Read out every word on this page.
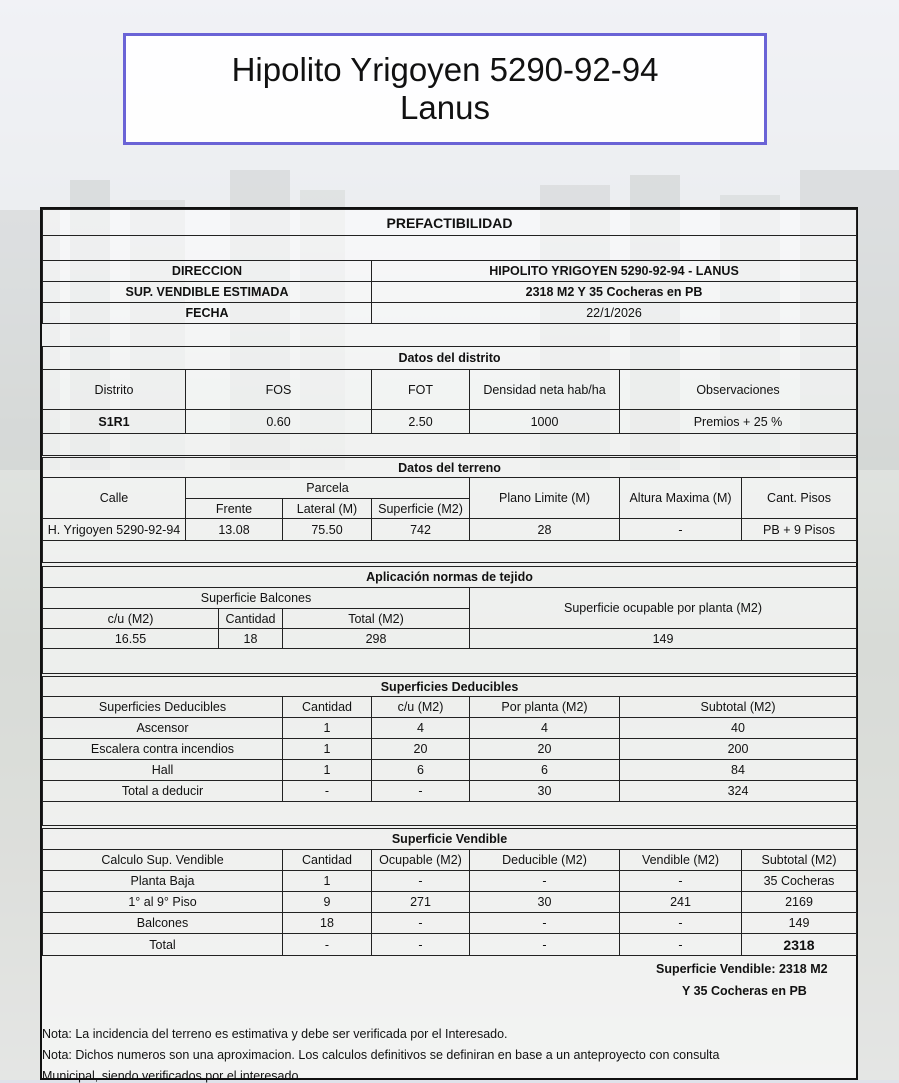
Hipolito Yrigoyen 5290-92-94
Lanus
PREFACTIBILIDAD	

DIRECCION	HIPOLITO YRIGOYEN 5290-92-94 - LANUS
SUP. VENDIBLE ESTIMADA	2318 M2 Y 35 Cocheras en PB
FECHA	22/1/2026
Datos del distrito				
Distrito	FOS	FOT	Densidad neta hab/ha	Observaciones
S1R1	0.60	2.50	1000	Premios + 25 %

Datos del terreno						
Calle	Parcela			Plano Limite (M)	Altura Maxima (M)	Cant. Pisos
	Frente	Lateral (M)	Superficie (M2)			
H. Yrigoyen 5290-92-94	13.08	75.50	742	28	-	PB + 9 Pisos

Aplicación normas de tejido			
Superficie Balcones			Superficie ocupable por planta (M2)
c/u (M2)	Cantidad	Total (M2)	
16.55	18	298	149

Superficies Deducibles				
Superficies Deducibles	Cantidad	c/u (M2)	Por planta (M2)	Subtotal (M2)
Ascensor	1	4	4	40
Escalera contra incendios	1	20	20	200
Hall	1	6	6	84
Total a deducir	-	-	30	324

Superficie Vendible					
Calculo Sup. Vendible	Cantidad	Ocupable (M2)	Deducible (M2)	Vendible (M2)	Subtotal (M2)
Planta Baja	1	-	-	-	35 Cocheras
1° al 9° Piso	9	271	30	241	2169
Balcones	18	-	-	-	149
Total	-	-	-	-	2318
Superficie Vendible: 2318 M2
Y 35 Cocheras en PB
Nota: La incidencia del terreno es estimativa y debe ser verificada por el Interesado.
Nota: Dichos numeros son una aproximacion. Los calculos definitivos se definiran en base a un anteproyecto con consulta
Municipal, siendo verificados por el interesado.
